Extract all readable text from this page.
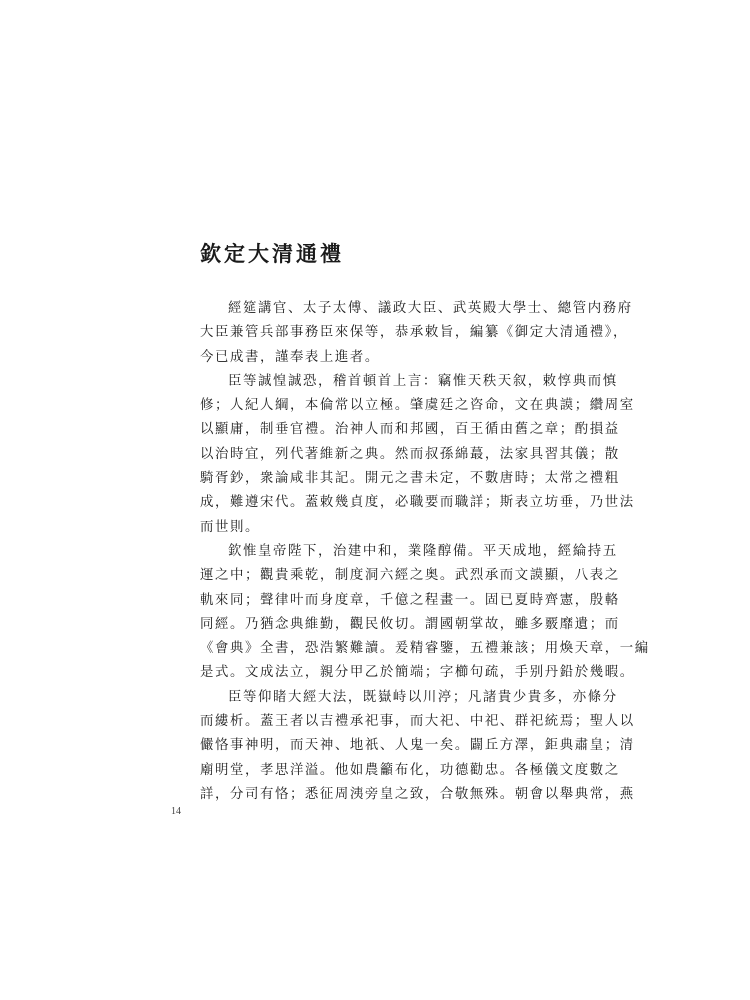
欽定大清通禮
經筵講官、太子太傅、議政大臣、武英殿大學士、總管内務府
大臣兼管兵部事務臣來保等，恭承敕旨，編纂《御定大清通禮》，
今已成書，謹奉表上進者。
臣等誠惶誠恐，稽首頓首上言：竊惟天秩天叙，敕惇典而慎
修；人紀人綱，本倫常以立極。肇虞廷之咨命，文在典謨；纘周室
以顯庸，制垂官禮。治神人而和邦國，百王循由舊之章；酌損益
以治時宜，列代著維新之典。然而叔孫綿蕞，法家具習其儀；散
騎胥鈔，衆論咸非其記。開元之書未定，不數唐時；太常之禮粗
成，難遵宋代。蓋敕幾貞度，必職要而職詳；斯表立坊垂，乃世法
而世則。
欽惟皇帝陛下，治建中和，業隆醇備。平天成地，經綸持五
運之中；觀貴乘乾，制度洞六經之奥。武烈承而文謨顯，八表之
軌來同；聲律叶而身度章，千億之程畫一。固已夏時齊憲，殷輅
同經。乃猶念典維勤，觀民攸切。謂國朝掌故，雖多覈靡遺；而
《會典》全書，恐浩繁難讀。爰精睿鑒，五禮兼該；用煥天章，一編
是式。文成法立，親分甲乙於簡端；字櫛句疏，手别丹鉛於幾暇。
臣等仰睹大經大法，既嶽峙以川渟；凡諸貴少貴多，亦條分
而縷析。蓋王者以吉禮承祀事，而大祀、中祀、群祀統焉；聖人以
儼恪事神明，而天神、地祇、人鬼一矣。闢丘方澤，鉅典肅皇；清
廟明堂，孝思洋溢。他如農籲布化，功德勸忠。各極儀文度數之
詳，分司有恪；悉征周洟旁皇之致，合敬無殊。朝會以舉典常，燕
14
